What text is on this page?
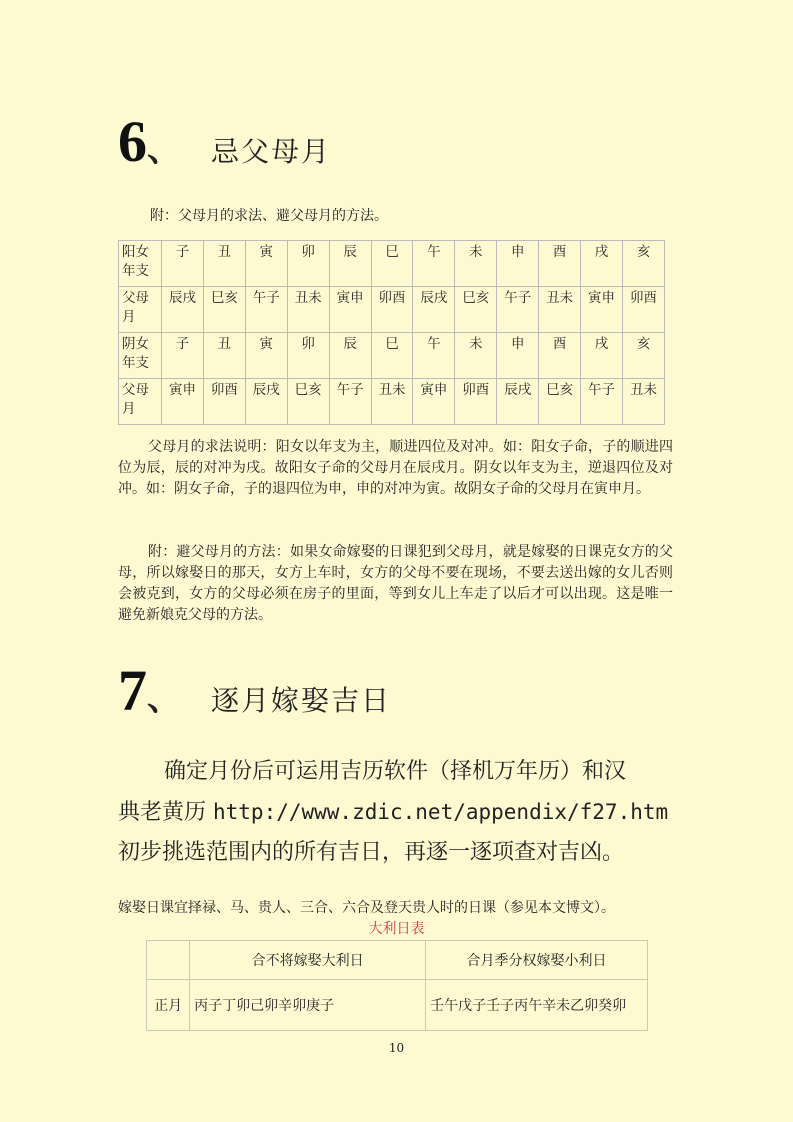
6 、 忌父母月
附：父母月的求法、避父母月的方法。
阳女年支	子	丑	寅	卯	辰	巳	午	未	申	酉	戌	亥
父母月	辰戌	巳亥	午子	丑未	寅申	卯酉	辰戌	巳亥	午子	丑未	寅申	卯酉
阴女年支	子	丑	寅	卯	辰	巳	午	未	申	酉	戌	亥
父母月	寅申	卯酉	辰戌	巳亥	午子	丑未	寅申	卯酉	辰戌	巳亥	午子	丑未

父母月的求法说明：阳女以年支为主，顺进四位及对冲。如：阳女子命，子的顺进四位为辰，辰的对冲为戌。故阳女子命的父母月在辰戌月。阴女以年支为主，逆退四位及对冲。如：阴女子命，子的退四位为申，申的对冲为寅。故阴女子命的父母月在寅申月。

附：避父母月的方法：如果女命嫁娶的日课犯到父母月，就是嫁娶的日课克女方的父母，所以嫁娶日的那天，女方上车时，女方的父母不要在现场，不要去送出嫁的女儿否则会被克到，女方的父母必须在房子的里面，等到女儿上车走了以后才可以出现。这是唯一避免新娘克父母的方法。

7 、 逐月嫁娶吉日
确定月份后可运用吉历软件（择机万年历）和汉
典老黄历 http://www.zdic.net/appendix/f27.htm
初步挑选范围内的所有吉日，再逐一逐项查对吉凶。
嫁娶日课宜择禄、马、贵人、三合、六合及登天贵人时的日课（参见本文博文）。
大利日表
	合不将嫁娶大利日	合月季分权嫁娶小利日
正月	丙子丁卯己卯辛卯庚子	壬午戊子壬子丙午辛未乙卯癸卯
10
